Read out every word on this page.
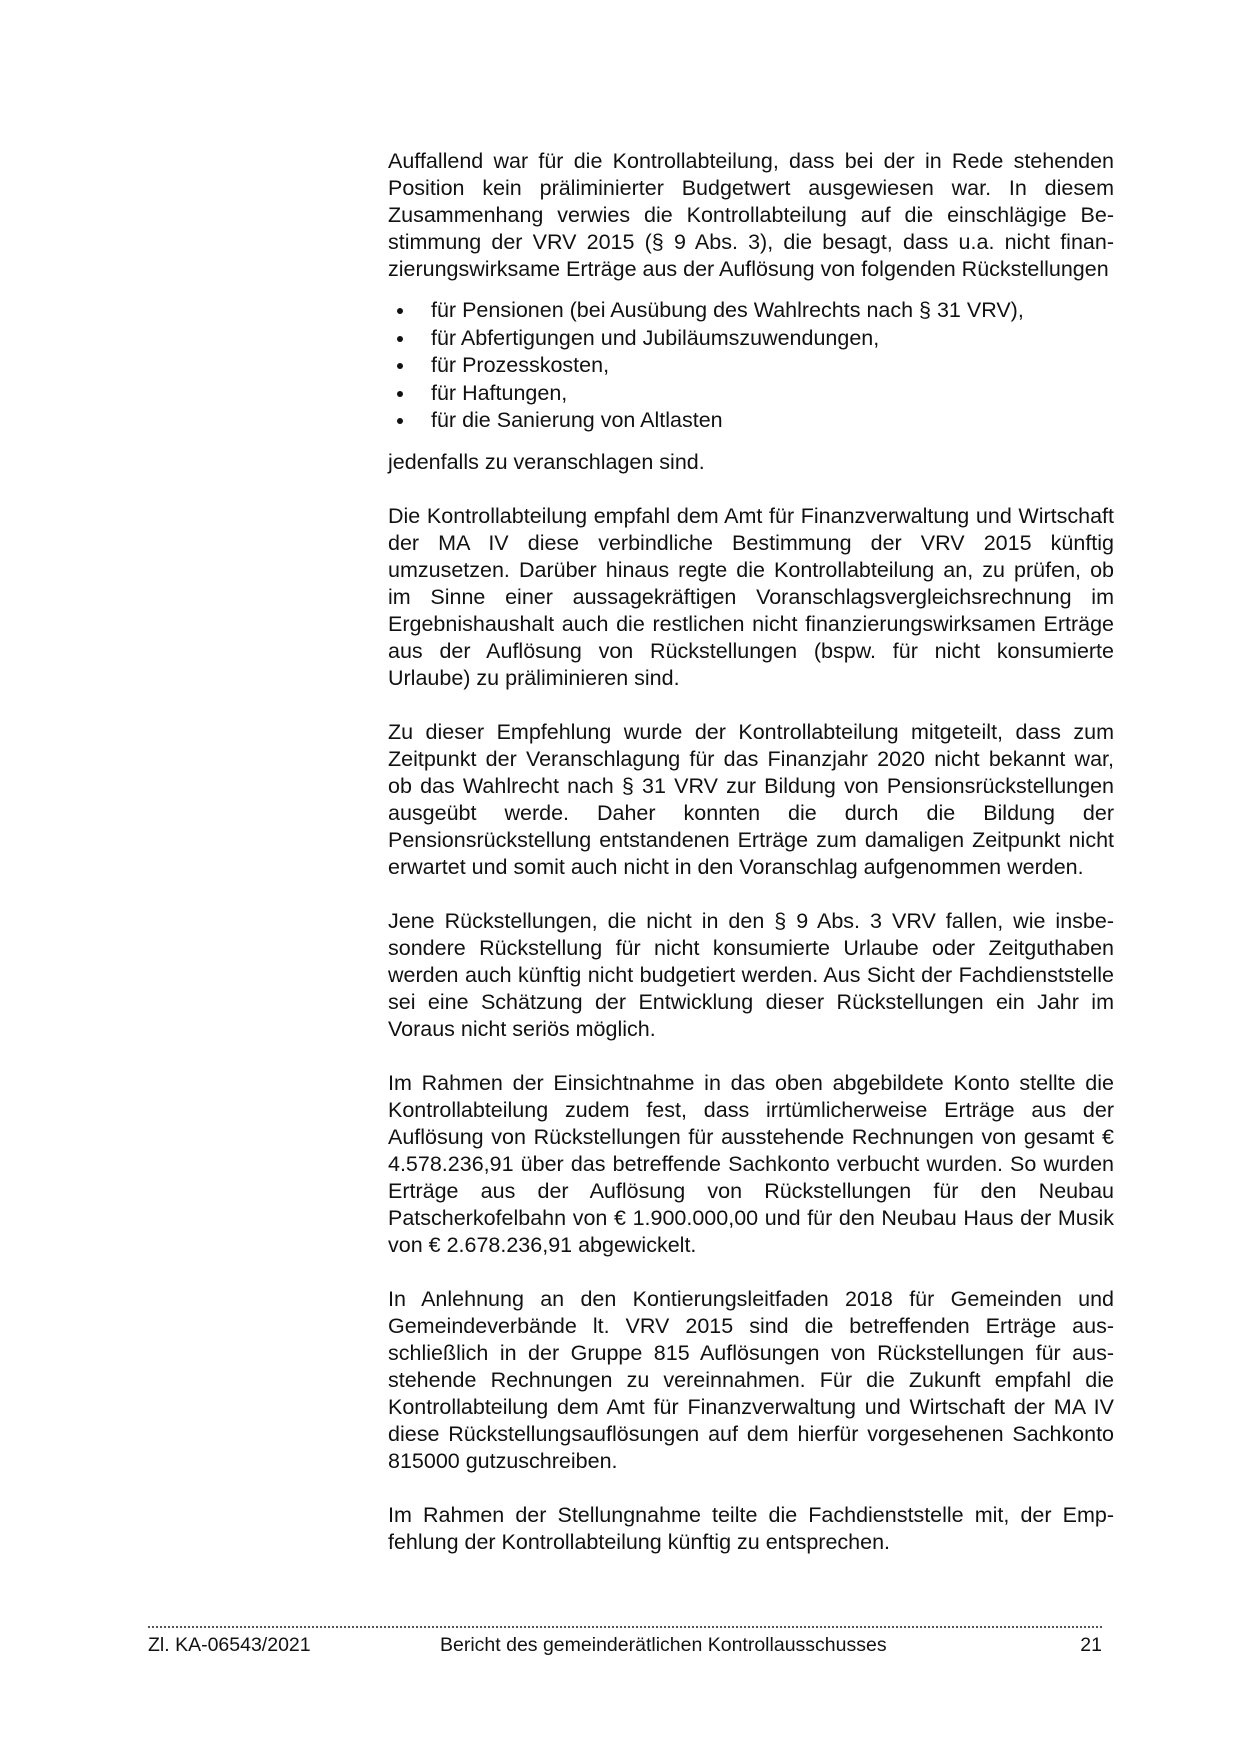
Auffallend war für die Kontrollabteilung, dass bei der in Rede stehenden Position kein präliminierter Budgetwert ausgewiesen war. In diesem Zusammenhang verwies die Kontrollabteilung auf die einschlägige Bestimmung der VRV 2015 (§ 9 Abs. 3), die besagt, dass u.a. nicht finanzierungswirksame Erträge aus der Auflösung von folgenden Rückstellungen

für Pensionen (bei Ausübung des Wahlrechts nach § 31 VRV),
für Abfertigungen und Jubiläumszuwendungen,
für Prozesskosten,
für Haftungen,
für die Sanierung von Altlasten

jedenfalls zu veranschlagen sind.

Die Kontrollabteilung empfahl dem Amt für Finanzverwaltung und Wirtschaft der MA IV diese verbindliche Bestimmung der VRV 2015 künftig umzusetzen. Darüber hinaus regte die Kontrollabteilung an, zu prüfen, ob im Sinne einer aussagekräftigen Voranschlagsvergleichsrechnung im Ergebnishaushalt auch die restlichen nicht finanzierungswirksamen Erträge aus der Auflösung von Rückstellungen (bspw. für nicht konsumierte Urlaube) zu präliminieren sind.

Zu dieser Empfehlung wurde der Kontrollabteilung mitgeteilt, dass zum Zeitpunkt der Veranschlagung für das Finanzjahr 2020 nicht bekannt war, ob das Wahlrecht nach § 31 VRV zur Bildung von Pensionsrückstellungen ausgeübt werde. Daher konnten die durch die Bildung der Pensionsrückstellung entstandenen Erträge zum damaligen Zeitpunkt nicht erwartet und somit auch nicht in den Voranschlag aufgenommen werden.

Jene Rückstellungen, die nicht in den § 9 Abs. 3 VRV fallen, wie insbesondere Rückstellung für nicht konsumierte Urlaube oder Zeitguthaben werden auch künftig nicht budgetiert werden. Aus Sicht der Fachdienststelle sei eine Schätzung der Entwicklung dieser Rückstellungen ein Jahr im Voraus nicht seriös möglich.

Im Rahmen der Einsichtnahme in das oben abgebildete Konto stellte die Kontrollabteilung zudem fest, dass irrtümlicherweise Erträge aus der Auflösung von Rückstellungen für ausstehende Rechnungen von gesamt € 4.578.236,91 über das betreffende Sachkonto verbucht wurden. So wurden Erträge aus der Auflösung von Rückstellungen für den Neubau Patscherkofelbahn von € 1.900.000,00 und für den Neubau Haus der Musik von € 2.678.236,91 abgewickelt.

In Anlehnung an den Kontierungsleitfaden 2018 für Gemeinden und Gemeindeverbände lt. VRV 2015 sind die betreffenden Erträge ausschließlich in der Gruppe 815 Auflösungen von Rückstellungen für ausstehende Rechnungen zu vereinnahmen. Für die Zukunft empfahl die Kontrollabteilung dem Amt für Finanzverwaltung und Wirtschaft der MA IV diese Rückstellungsauflösungen auf dem hierfür vorgesehenen Sachkonto 815000 gutzuschreiben.

Im Rahmen der Stellungnahme teilte die Fachdienststelle mit, der Empfehlung der Kontrollabteilung künftig zu entsprechen.

Zl. KA-06543/2021	Bericht des gemeinderätlichen Kontrollausschusses	21
